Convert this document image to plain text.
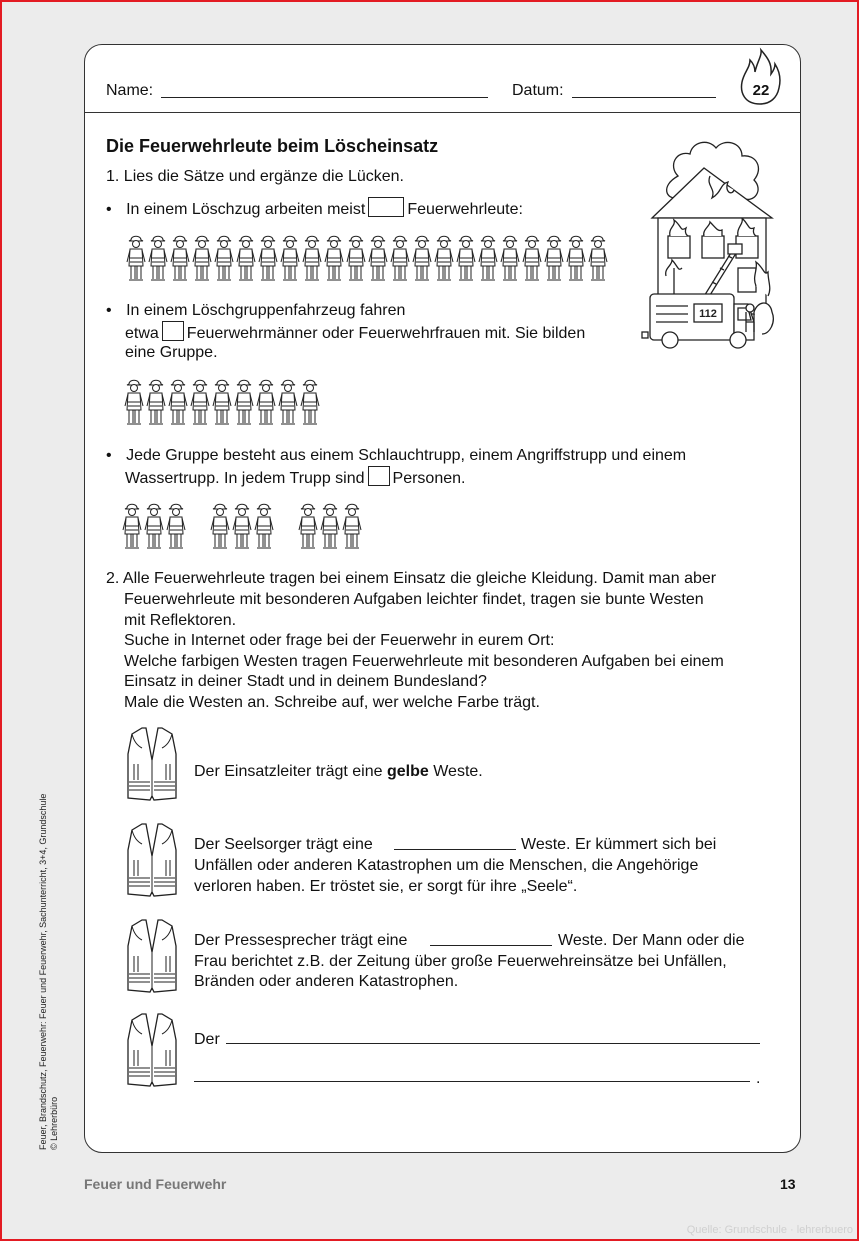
Name:	Datum:	22
Die Feuerwehrleute beim Löscheinsatz
1. Lies die Sätze und ergänze die Lücken.
• In einem Löschzug arbeiten meist	Feuerwehrleute:
• In einem Löschgruppenfahrzeug fahren
etwa Feuerwehrmänner oder Feuerwehrfrauen mit. Sie bilden
eine Gruppe.
• Jede Gruppe besteht aus einem Schlauchtrupp, einem Angriffstrupp und einem
Wassertrupp. In jedem Trupp sind Personen.
112
2. Alle Feuerwehrleute tragen bei einem Einsatz die gleiche Kleidung. Damit man aber
Feuerwehrleute mit besonderen Aufgaben leichter findet, tragen sie bunte Westen
mit Reflektoren.
Suche in Internet oder frage bei der Feuerwehr in eurem Ort:
Welche farbigen Westen tragen Feuerwehrleute mit besonderen Aufgaben bei einem
Einsatz in deiner Stadt und in deinem Bundesland?
Male die Westen an. Schreibe auf, wer welche Farbe trägt.
Der Einsatzleiter trägt eine gelbe Weste.
Der Seelsorger trägt eine	Weste. Er kümmert sich bei
Unfällen oder anderen Katastrophen um die Menschen, die Angehörige
verloren haben. Er tröstet sie, er sorgt für ihre „Seele“.
Der Pressesprecher trägt eine	Weste. Der Mann oder die
Frau berichtet z.B. der Zeitung über große Feuerwehreinsätze bei Unfällen,
Bränden oder anderen Katastrophen.
Der
.
Feuer und Feuerwehr	13
Feuer, Brandschutz, Feuerwehr: Feuer und Feuerwehr, Sachunterricht, 3+4, Grundschule © Lehrerbüro
Quelle: Grundschule · lehrerbuero
